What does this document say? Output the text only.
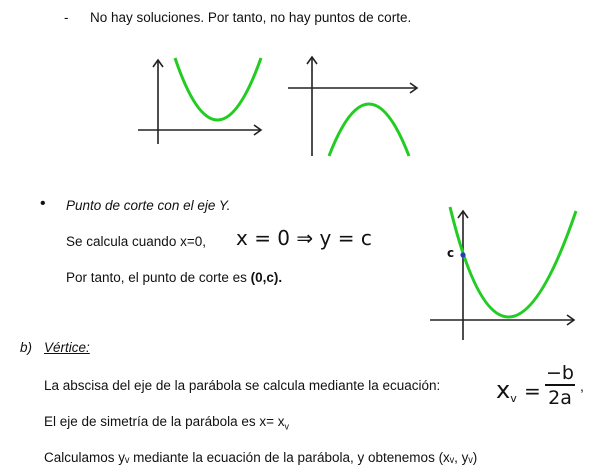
- No hay soluciones. Por tanto, no hay puntos de corte.
• Punto de corte con el eje Y.
Se calcula cuando x=0, x = 0 ⇒ y = c
Por tanto, el punto de corte es (0,c).
c
b) Vértice:
La abscisa del eje de la parábola se calcula mediante la ecuación: $x_v$ =
−b
2a
,
El eje de simetría de la parábola es $x= x_v$
Calculamos yᵥ mediante la ecuación de la parábola, y obtenemos (xᵥ, yᵥ)
